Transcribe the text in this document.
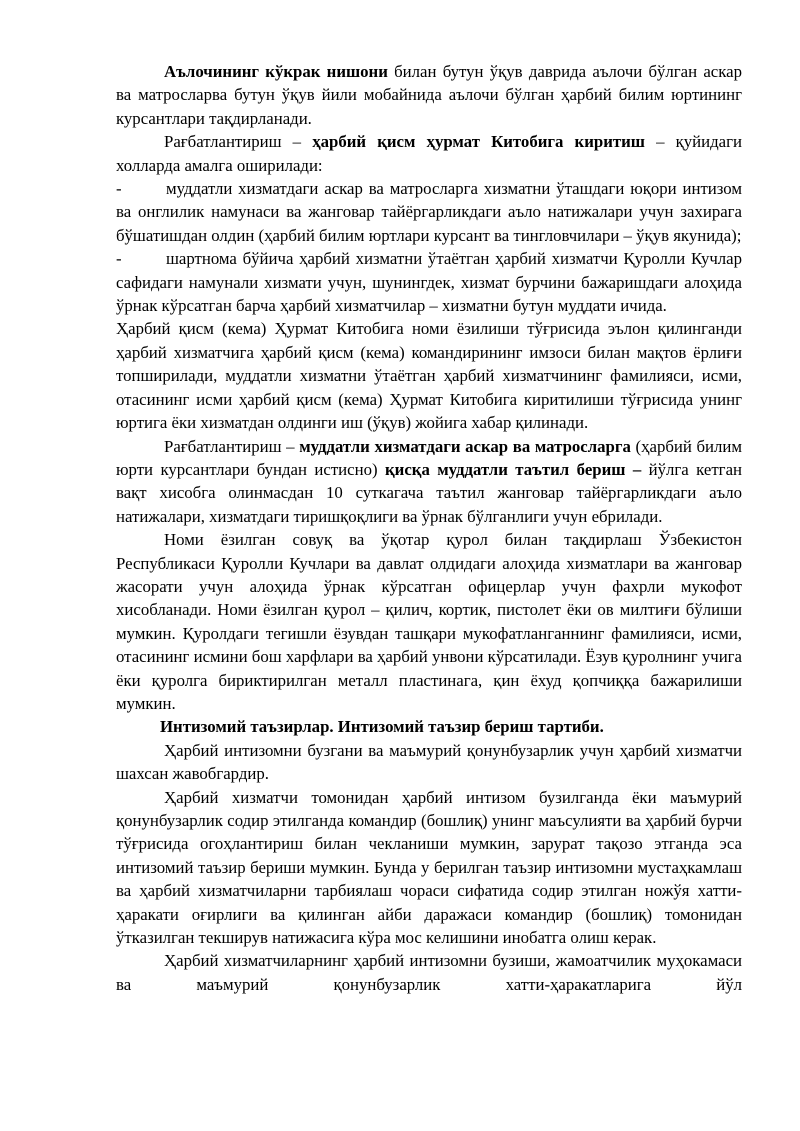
Аълочининг кўкрак нишони билан бутун ўқув даврида аълочи бўлган аскар ва матросларва бутун ўқув йили мобайнида аълочи бўлган ҳарбий билим юртининг курсантлари тақдирланади.

Рағбатлантириш – ҳарбий қисм ҳурмат Китобига киритиш – қуйидаги холларда амалга оширилади:

-	муддатли хизматдаги аскар ва матросларга хизматни ўташдаги юқори интизом ва онглилик намунаси ва жанговар тайёргарликдаги аъло натижалари учун захирага бўшатишдан олдин (ҳарбий билим юртлари курсант ва тингловчилари – ўқув якунида);

-	шартнома бўйича ҳарбий хизматни ўтаётган ҳарбий хизматчи Қуролли Кучлар сафидаги намунали хизмати учун, шунингдек, хизмат бурчини бажаришдаги алоҳида ўрнак кўрсатган барча ҳарбий хизматчилар – хизматни бутун муддати ичида.

Ҳарбий қисм (кема) Ҳурмат Китобига номи ёзилиши тўғрисида эълон қилинганди ҳарбий хизматчига ҳарбий қисм (кема) командирининг имзоси билан мақтов ёрлиғи топширилади, муддатли хизматни ўтаётган ҳарбий хизматчининг фамилияси, исми, отасининг исми ҳарбий қисм (кема) Ҳурмат Китобига киритилиши тўғрисида унинг юртига ёки хизматдан олдинги иш (ўқув) жойига хабар қилинади.

Рағбатлантириш – муддатли хизматдаги аскар ва матросларга (ҳарбий билим юрти курсантлари бундан истисно) қисқа муддатли таътил бериш – йўлга кетган вақт хисобга олинмасдан 10 суткагача таътил жанговар тайёргарликдаги аъло натижалари, хизматдаги тиришқоқлиги ва ўрнак бўлганлиги учун ебрилади.

Номи ёзилган совуқ ва ўқотар қурол билан тақдирлаш Ўзбекистон Республикаси Қуролли Кучлари ва давлат олдидаги алоҳида хизматлари ва жанговар жасорати учун алоҳида ўрнак кўрсатган офицерлар учун фахрли мукофот хисобланади. Номи ёзилган қурол – қилич, кортик, пистолет ёки ов милтиғи бўлиши мумкин. Қуролдаги тегишли ёзувдан ташқари мукофатланганнинг фамилияси, исми, отасининг исмини бош харфлари ва ҳарбий унвони кўрсатилади. Ёзув қуролнинг учига ёки қуролга бириктирилган металл пластинага, қин ёхуд қопчиққа бажарилиши мумкин.

Интизомий таъзирлар. Интизомий таъзир бериш тартиби.

Ҳарбий интизомни бузгани ва маъмурий қонунбузарлик учун ҳарбий хизматчи шахсан жавобгардир.

Ҳарбий хизматчи томонидан ҳарбий интизом бузилганда ёки маъмурий қонунбузарлик содир этилганда командир (бошлиқ) унинг маъсулияти ва ҳарбий бурчи тўғрисида огоҳлантириш билан чекланиши мумкин, зарурат тақозо этганда эса интизомий таъзир бериши мумкин. Бунда у берилган таъзир интизомни мустаҳкамлаш ва ҳарбий хизматчиларни тарбиялаш чораси сифатида содир этилган ножўя хатти-ҳаракати оғирлиги ва қилинган айби даражаси командир (бошлиқ) томонидан ўтказилган текширув натижасига кўра мос келишини инобатга олиш керак.

Ҳарбий хизматчиларнинг ҳарбий интизомни бузиши, жамоатчилик муҳокамаси ва маъмурий қонунбузарлик хатти-ҳаракатларига йўл
